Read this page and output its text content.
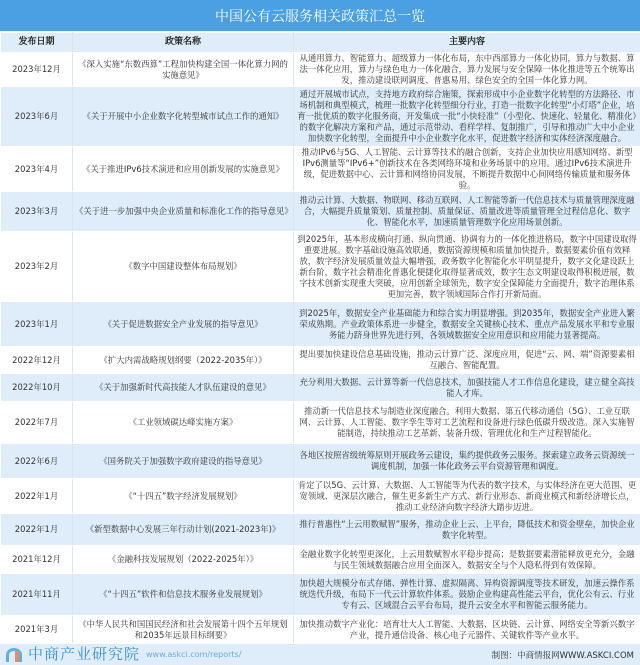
中国公有云服务相关政策汇总一览
发布日期	政策名称	主要内容
2023年12月	《深入实施“东数西算”工程加快构建全国一体化算力网的实施意见》	从通用算力、智能算力、超级算力一体化布局，东中西部算力一体化协同，算力与数据、算法一体化应用，算力与绿色电力一体化融合，算力发展与安全保障一体化推进等五个统筹出发，推动建设联网调度、普惠易用、绿色安全的全国一体化算力网。
2023年6月	《关于开展中小企业数字化转型城市试点工作的通知》	通过开展城市试点，支持地方政府综合施策，探索形成中小企业数字化转型的方法路径、市场机制和典型模式，梳理一批数字化转型细分行业，打造一批数字化转型“小灯塔”企业，培育一批优质的数字化服务商，开发集成一批“小快轻准”（小型化、快速化、轻量化、精准化）的数字化解决方案和产品，通过示范带动、看样学样、复制推广，引导和推动广大中小企业加快数字化转型，全面提升中小企业数字化水平，促进数字经济和实体经济深度融合。
2023年4月	《关于推进IPv6技术演进和应用创新发展的实施意见》	推动IPv6与5G、人工智能、云计算等技术的融合创新，支持企业加快应用感知网络、新型IPv6测量等“IPv6+”创新技术在各类网络环境和业务场景中的应用。通过IPv6技术演进升级，促进数据中心、云计算和网络协同发展，不断提升数据中心间网络传输质量和服务体验。
2023年3月	《关于进一步加强中央企业质量和标准化工作的指导意见》	推动云计算、大数据、物联网、移动互联网、人工智能等新一代信息技术与质量管理深度融合，大幅提升质量策划、质量控制、质量保证、质量改进等质量管理全过程信息化、数字化、智能化水平，加速质量管理数字化应用场景创新。
2023年2月	《数字中国建设整体布局规划》	到2025年，基本形成横向打通、纵向贯通、协调有力的一体化推进格局，数字中国建设取得重要进展。数字基础设施高效联通，数据资源规模和质量加快提升，数据要素价值有效释放，数字经济发展质量效益大幅增强，政务数字化智能化水平明显提升，数字文化建设跃上新台阶，数字社会精准化普惠化便捷化取得显著成效，数字生态文明建设取得积极进展，数字技术创新实现重大突破，应用创新全球领先，数字安全保障能力全面提升，数字治理体系更加完善，数字领域国际合作打开新局面。
2023年1月	《关于促进数据安全产业发展的指导意见》	到2025年，数据安全产业基础能力和综合实力明显增强。到2035年，数据安全产业进入繁荣成熟期。产业政策体系进一步健全，数据安全关键核心技术、重点产品发展水平和专业服务能力跻身世界先进行列，各领域数据安全应用意识和应用能力显著提高。
2022年12月	《扩大内需战略规划纲要（2022-2035年）》	提出要加快建设信息基础设施，推动云计算广泛、深度应用，促进“云、网、端”资源要素相互融合、智能配置。
2022年10月	《关于加强新时代高技能人才队伍建设的意见》	充分利用大数据、云计算等新一代信息技术，加强技能人才工作信息化建设，建立健全高技能人才库。
2022年7月	《工业领域碳达峰实施方案》	推动新一代信息技术与制造业深度融合。利用大数据、第五代移动通信（5G）、工业互联网、云计算、人工智能、数字孪生等对工艺流程和设备进行绿色低碳升级改造。深入实施智能制造，持续推动工艺革新、装备升级、管理优化和生产过程智能化。
2022年6月	《国务院关于加强数字政府建设的指导意见》	各地区按照省级统筹原则开展政务云建设，集约提供政务云服务。探索建立政务云资源统一调度机制，加强一体化政务云平台资源管理和调度。
2022年1月	《“十四五”数字经济发展规划》	肯定了以5G、云计算、大数据、人工智能等为代表的数字技术，与实体经济在更大范围、更宽领域、更深层次融合，催生更多新生产方式、新行业形态、新商业模式和新经济增长点，推动工业经济向数字经济大踏步迈进。
2022年1月	《新型数据中心发展三年行动计划(2021-2023年)》	推行普惠性“上云用数赋智”服务，推动企业上云、上平台，降低技术和资金壁垒，加快企业数字化转型。
2021年12月	《金融科技发展规划（2022-2025年）》	金融业数字化转型更深化，上云用数赋智水平稳步提高；是数据要素潜能释放更充分，金融与民生领域数据融合应用全面深入，数据安全与个人隐私得到有效保障。
2021年11月	《“十四五”软件和信息技术服务业发展规划》	加快超大规模分布式存储、弹性计算、虚拟隔离、异构资源调度等技术研发，加速云操作系统迭代升级，布局下一代云计算软件体系。鼓励企业构建高性能云平台，优化公有云、行业专有云、区域混合云平台布局，提升云安全水平和智能云服务能力。
2021年3月	《中华人民共和国国民经济和社会发展第十四个五年规划和2035年远景目标纲要》	加快推动数字产业化：培育壮大人工智能、大数据、区块链、云计算、网络安全等新兴数字产业，提升通信设备、核心电子元器件、关键软件等产业水平。
中商产业研究院 www.askci.com/reports/	制图：中商情报网WWW.ASKCI.COM
